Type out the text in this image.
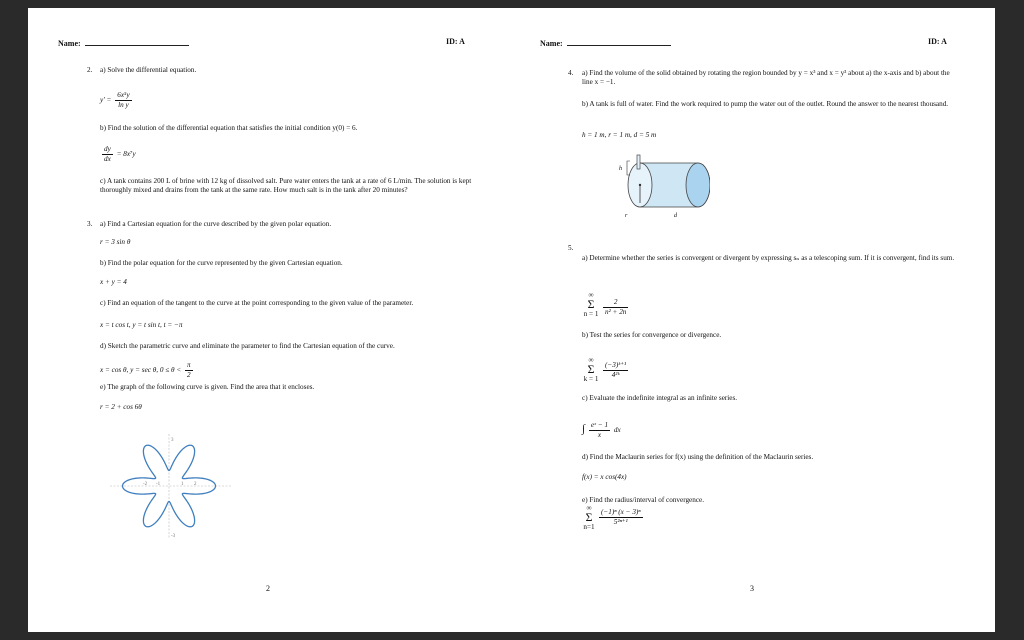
Name:	ID: A
2. a) Solve the differential equation.
$y' = \frac{\text{6x⁵y}}{\text{ln y}}$
b) Find the solution of the differential equation that satisfies the initial condition y(0) = 6.
$\frac{dy}{dx} = 8x^7y$
c) A tank contains 200 L of brine with 12 kg of dissolved salt. Pure water enters the tank at a rate of 6 L/min. The solution is kept thoroughly mixed and drains from the tank at the same rate. How much salt is in the tank after 20 minutes?
3. a) Find a Cartesian equation for the curve described by the given polar equation.
r = 3 sin θ
b) Find the polar equation for the curve represented by the given Cartesian equation.
x + y = 4
c) Find an equation of the tangent to the curve at the point corresponding to the given value of the parameter.
x = t cos t, y = t sin t, t = −π
d) Sketch the parametric curve and eliminate the parameter to find the Cartesian equation of the curve.
x = cos θ, y = sec θ, $0 \le \theta < \frac{\pi}{2}$
e) The graph of the following curve is given. Find the area that it encloses.
r = 2 + cos 6θ
-2 -1	1 2
3
-3
2
Name:	ID: A
4. a) Find the volume of the solid obtained by rotating the region bounded by y = x³ and x = y³ about a) the x-axis and b) about the line x = −1.
b) A tank is full of water. Find the work required to pump the water out of the outlet. Round the answer to the nearest thousand.
h = 1 m, r = 1 m, d = 5 m
h
r	d
5.
a) Determine whether the series is convergent or divergent by expressing sₙ as a telescoping sum. If it is convergent, find its sum.
∞
Σ
$n = 1 \frac{2}{\text{n² + 2n}}$
b) Test the series for convergence or divergence.
∞
Σ
$k = 1 \frac{\text{(−3)ᵏ⁺¹}}{\text{4²ᵏ}}$
c) Evaluate the indefinite integral as an infinite series.
∫ $\frac{\text{eˣ − 1}}{x}$ dx
d) Find the Maclaurin series for f(x) using the definition of the Maclaurin series.
f(x) = x cos(4x)
e) Find the radius/interval of convergence.
∞
Σ
$n=1 \frac{\text{(−1)ⁿ (x − 3)ⁿ}}{\text{5²ⁿ⁺¹}}$
3
